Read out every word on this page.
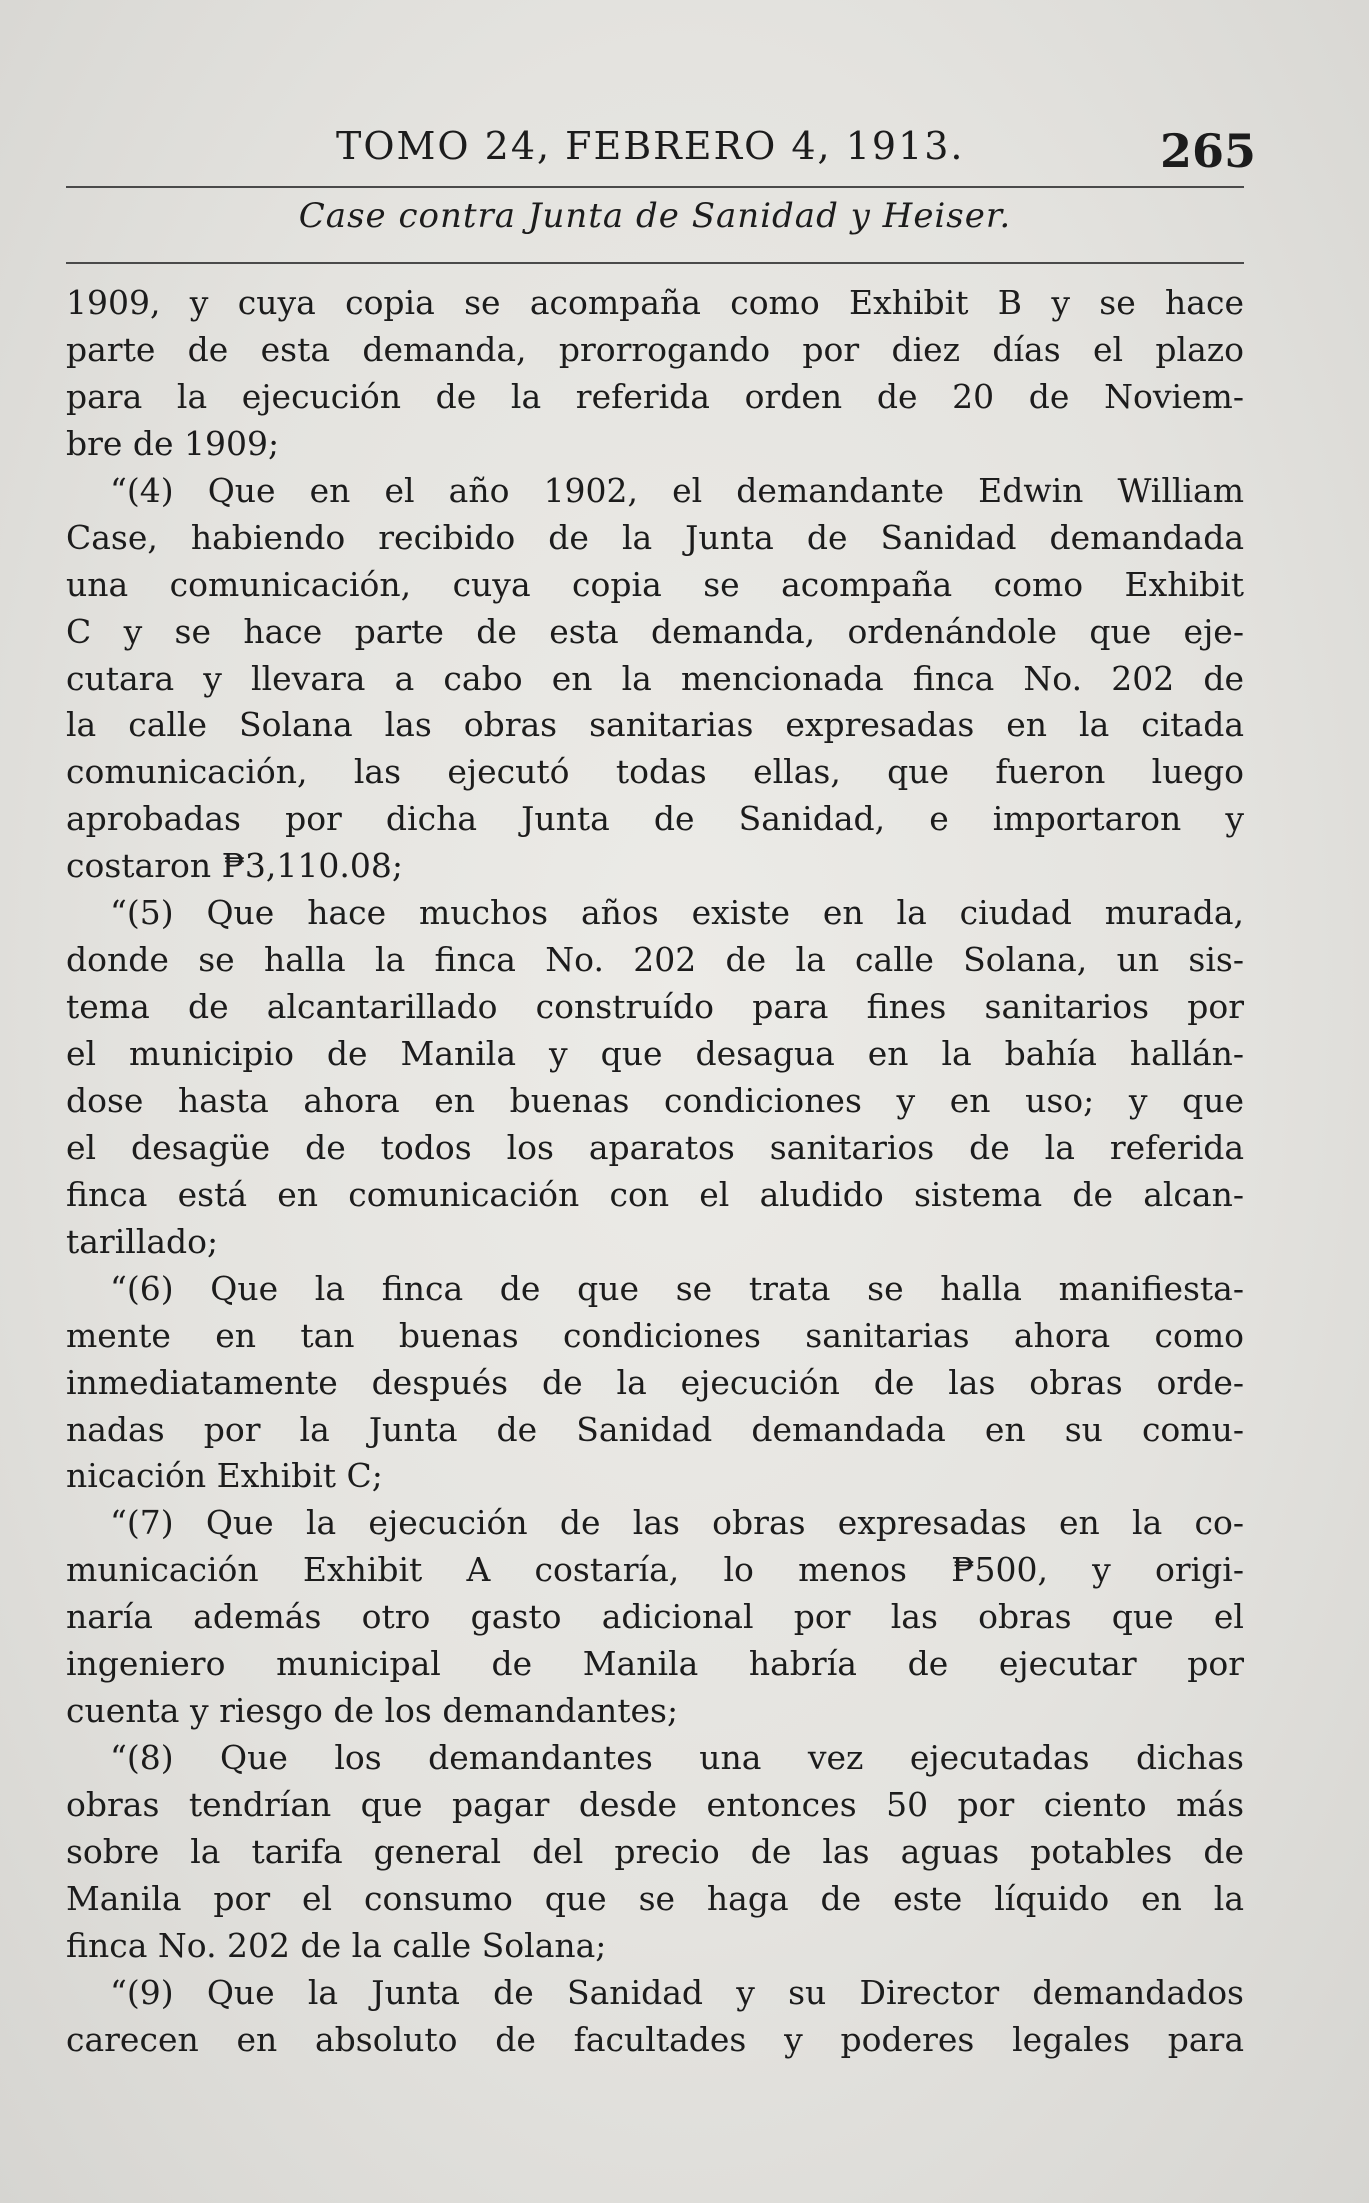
TOMO 24, FEBRERO 4, 1913.	265
Case contra Junta de Sanidad y Heiser.
1909, y cuya copia se acompaña como Exhibit B y se hace
parte de esta demanda, prorrogando por diez días el plazo
para la ejecución de la referida orden de 20 de Noviem-
bre de 1909;
“(4) Que en el año 1902, el demandante Edwin William
Case, habiendo recibido de la Junta de Sanidad demandada
una comunicación, cuya copia se acompaña como Exhibit
C y se hace parte de esta demanda, ordenándole que eje-
cutara y llevara a cabo en la mencionada finca No. 202 de
la calle Solana las obras sanitarias expresadas en la citada
comunicación, las ejecutó todas ellas, que fueron luego
aprobadas por dicha Junta de Sanidad, e importaron y
costaron ₱3,110.08;
“(5) Que hace muchos años existe en la ciudad murada,
donde se halla la finca No. 202 de la calle Solana, un sis-
tema de alcantarillado construído para fines sanitarios por
el municipio de Manila y que desagua en la bahía hallán-
dose hasta ahora en buenas condiciones y en uso; y que
el desagüe de todos los aparatos sanitarios de la referida
finca está en comunicación con el aludido sistema de alcan-
tarillado;
“(6) Que la finca de que se trata se halla manifiesta-
mente en tan buenas condiciones sanitarias ahora como
inmediatamente después de la ejecución de las obras orde-
nadas por la Junta de Sanidad demandada en su comu-
nicación Exhibit C;
“(7) Que la ejecución de las obras expresadas en la co-
municación Exhibit A costaría, lo menos ₱500, y origi-
naría además otro gasto adicional por las obras que el
ingeniero municipal de Manila habría de ejecutar por
cuenta y riesgo de los demandantes;
“(8) Que los demandantes una vez ejecutadas dichas
obras tendrían que pagar desde entonces 50 por ciento más
sobre la tarifa general del precio de las aguas potables de
Manila por el consumo que se haga de este líquido en la
finca No. 202 de la calle Solana;
“(9) Que la Junta de Sanidad y su Director demandados
carecen en absoluto de facultades y poderes legales para
